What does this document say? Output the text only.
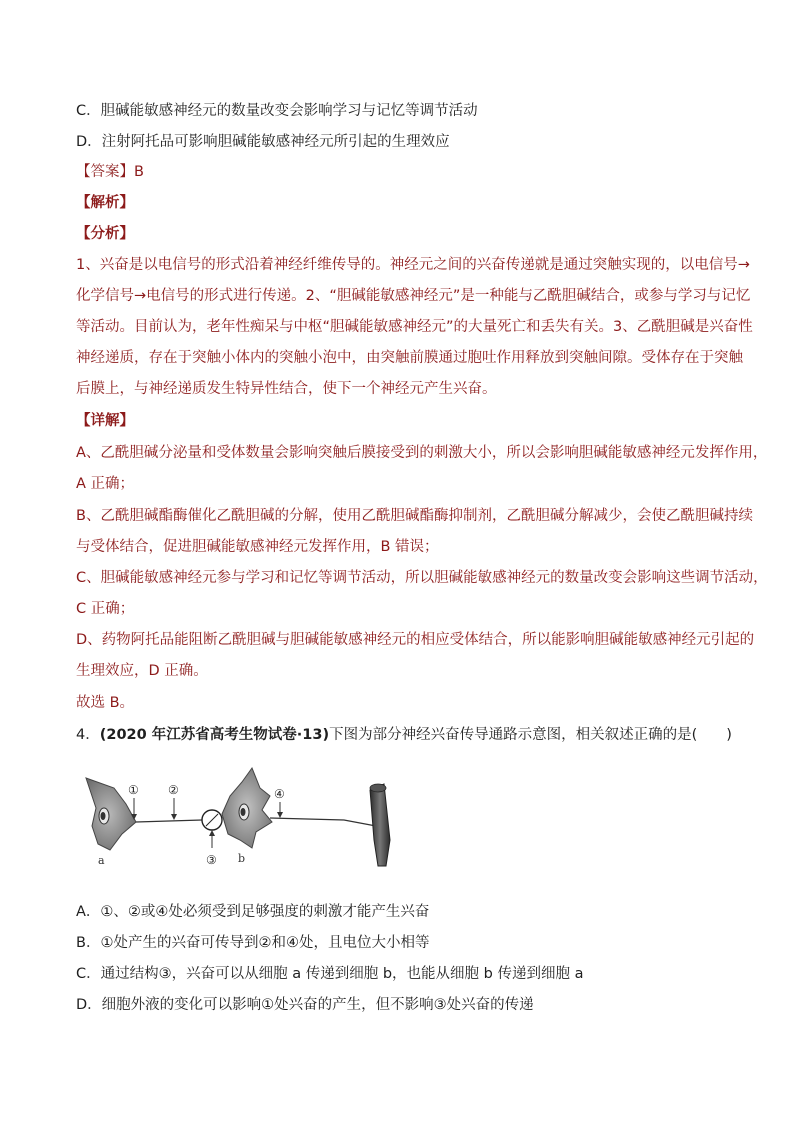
C．胆碱能敏感神经元的数量改变会影响学习与记忆等调节活动
D．注射阿托品可影响胆碱能敏感神经元所引起的生理效应
【答案】B
【解析】
【分析】
1、兴奋是以电信号的形式沿着神经纤维传导的。神经元之间的兴奋传递就是通过突触实现的，以电信号→
化学信号→电信号的形式进行传递。2、“胆碱能敏感神经元”是一种能与乙酰胆碱结合，或参与学习与记忆
等活动。目前认为，老年性痴呆与中枢“胆碱能敏感神经元”的大量死亡和丢失有关。3、乙酰胆碱是兴奋性
神经递质，存在于突触小体内的突触小泡中，由突触前膜通过胞吐作用释放到突触间隙。受体存在于突触
后膜上，与神经递质发生特异性结合，使下一个神经元产生兴奋。
【详解】
A、乙酰胆碱分泌量和受体数量会影响突触后膜接受到的刺激大小，所以会影响胆碱能敏感神经元发挥作用，
A 正确；
B、乙酰胆碱酯酶催化乙酰胆碱的分解，使用乙酰胆碱酯酶抑制剂，乙酰胆碱分解减少，会使乙酰胆碱持续
与受体结合，促进胆碱能敏感神经元发挥作用，B 错误；
C、胆碱能敏感神经元参与学习和记忆等调节活动，所以胆碱能敏感神经元的数量改变会影响这些调节活动，
C 正确；
D、药物阿托品能阻断乙酰胆碱与胆碱能敏感神经元的相应受体结合，所以能影响胆碱能敏感神经元引起的
生理效应，D 正确。
故选 B。
4．(2020 年江苏省高考生物试卷·13)下图为部分神经兴奋传导通路示意图，相关叙述正确的是(　　)
a
① ②
③ b
④
A．①、②或④处必须受到足够强度的刺激才能产生兴奋
B．①处产生的兴奋可传导到②和④处，且电位大小相等
C．通过结构③，兴奋可以从细胞 a 传递到细胞 b，也能从细胞 b 传递到细胞 a
D．细胞外液的变化可以影响①处兴奋的产生，但不影响③处兴奋的传递
